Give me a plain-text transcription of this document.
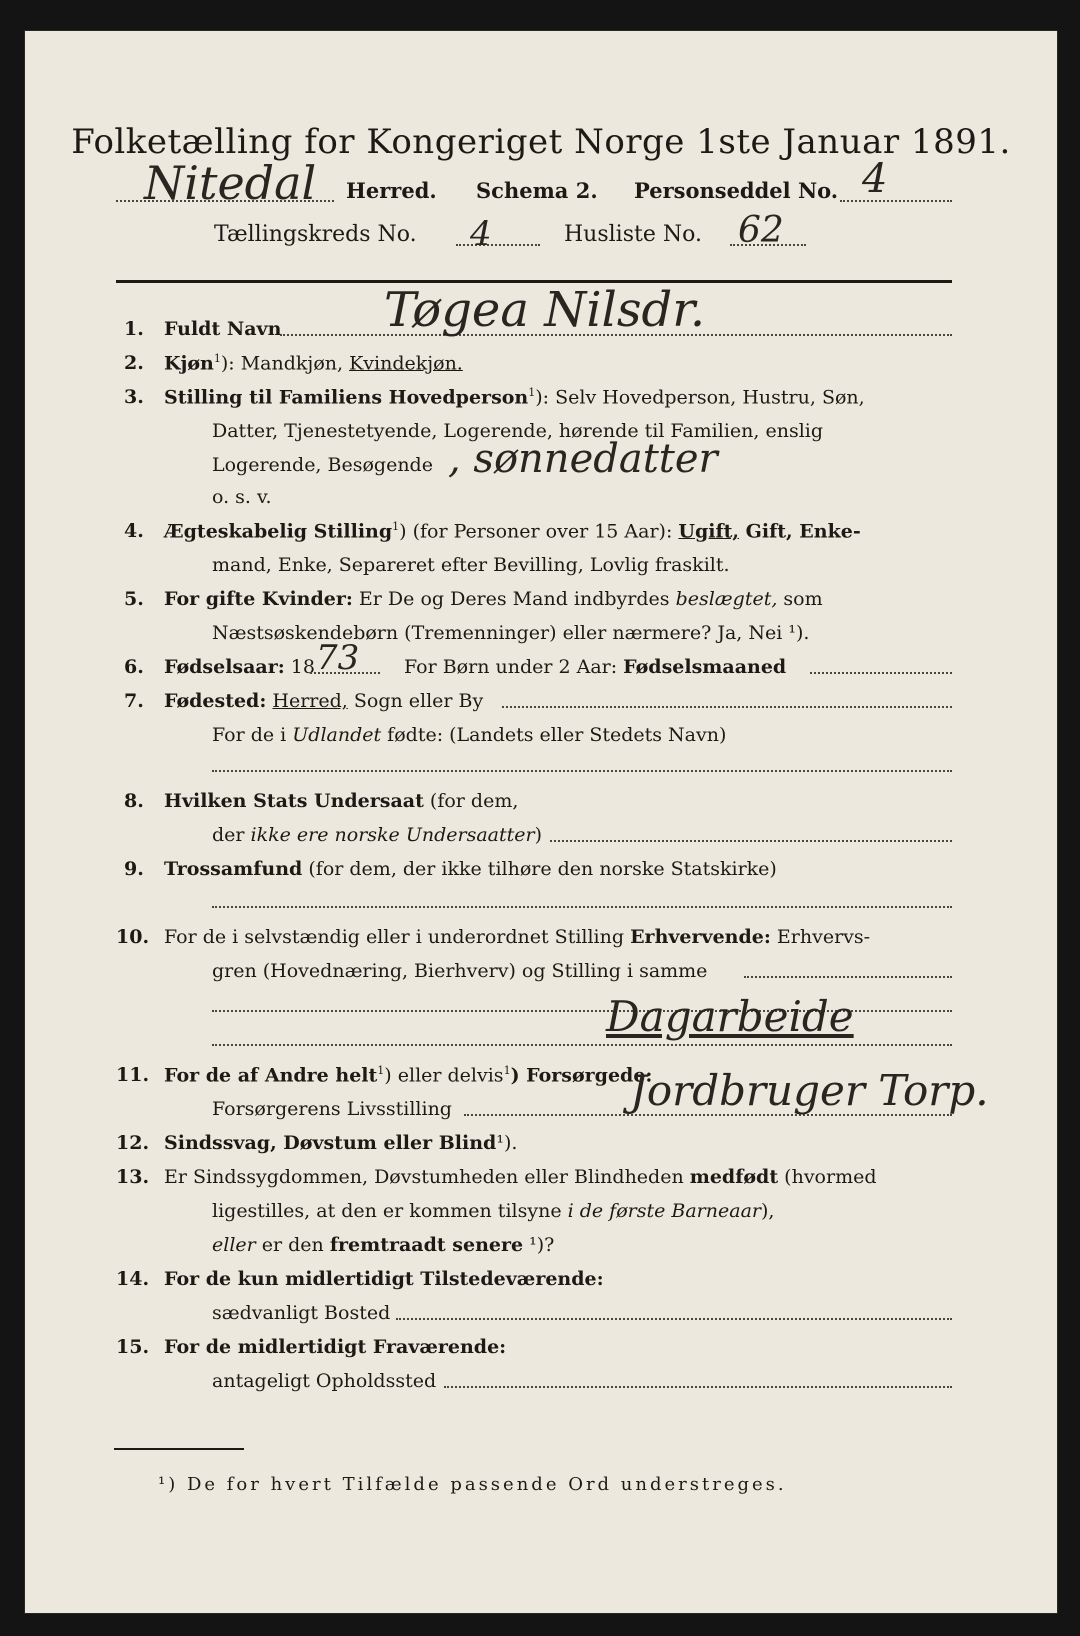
Folketælling for Kongeriget Norge 1ste Januar 1891.
Nitedal Herred. Schema 2. Personseddel No. 4
Tællingskreds No. 4	Husliste No. 62
1. Fuldt Navn Tøgea Nilsdr.
2. Kjøn$^1$): Mandkjøn, Kvindekjøn.
3. Stilling til Familiens Hovedperson$^1$): Selv Hovedperson, Hustru, Søn,
Datter, Tjenestetyende, Logerende, hørende til Familien, enslig
Logerende, Besøgende , sønnedatter
o. s. v.
4. Ægteskabelig Stilling$^1$) (for Personer over 15 Aar): Ugift, Gift, Enke-
mand, Enke, Separeret efter Bevilling, Lovlig fraskilt.
5. For gifte Kvinder: Er De og Deres Mand indbyrdes beslægtet, som
Næstsøskendebørn (Tremenninger) eller nærmere? Ja, Nei ¹).
6. Fødselsaar: 18 73 For Børn under 2 Aar: Fødselsmaaned
7. Fødested: Herred, Sogn eller By
For de i Udlandet fødte: (Landets eller Stedets Navn)
8. Hvilken Stats Undersaat (for dem,
der ikke ere norske Undersaatter)
9. Trossamfund (for dem, der ikke tilhøre den norske Statskirke)
10. For de i selvstændig eller i underordnet Stilling Erhvervende: Erhvervs-
gren (Hovednæring, Bierhverv) og Stilling i samme
Dagarbeide
11. For de af Andre helt$^1$) eller delvis$^1$) Forsørgede:
Forsørgerens Livsstilling	Jordbruger Torp.
12. Sindssvag, Døvstum eller Blind¹).
13. Er Sindssygdommen, Døvstumheden eller Blindheden medfødt (hvormed
ligestilles, at den er kommen tilsyne i de første Barneaar),
eller er den fremtraadt senere ¹)?
14. For de kun midlertidigt Tilstedeværende:
sædvanligt Bosted
15. For de midlertidigt Fraværende:
antageligt Opholdssted
¹) De for hvert Tilfælde passende Ord understreges.
